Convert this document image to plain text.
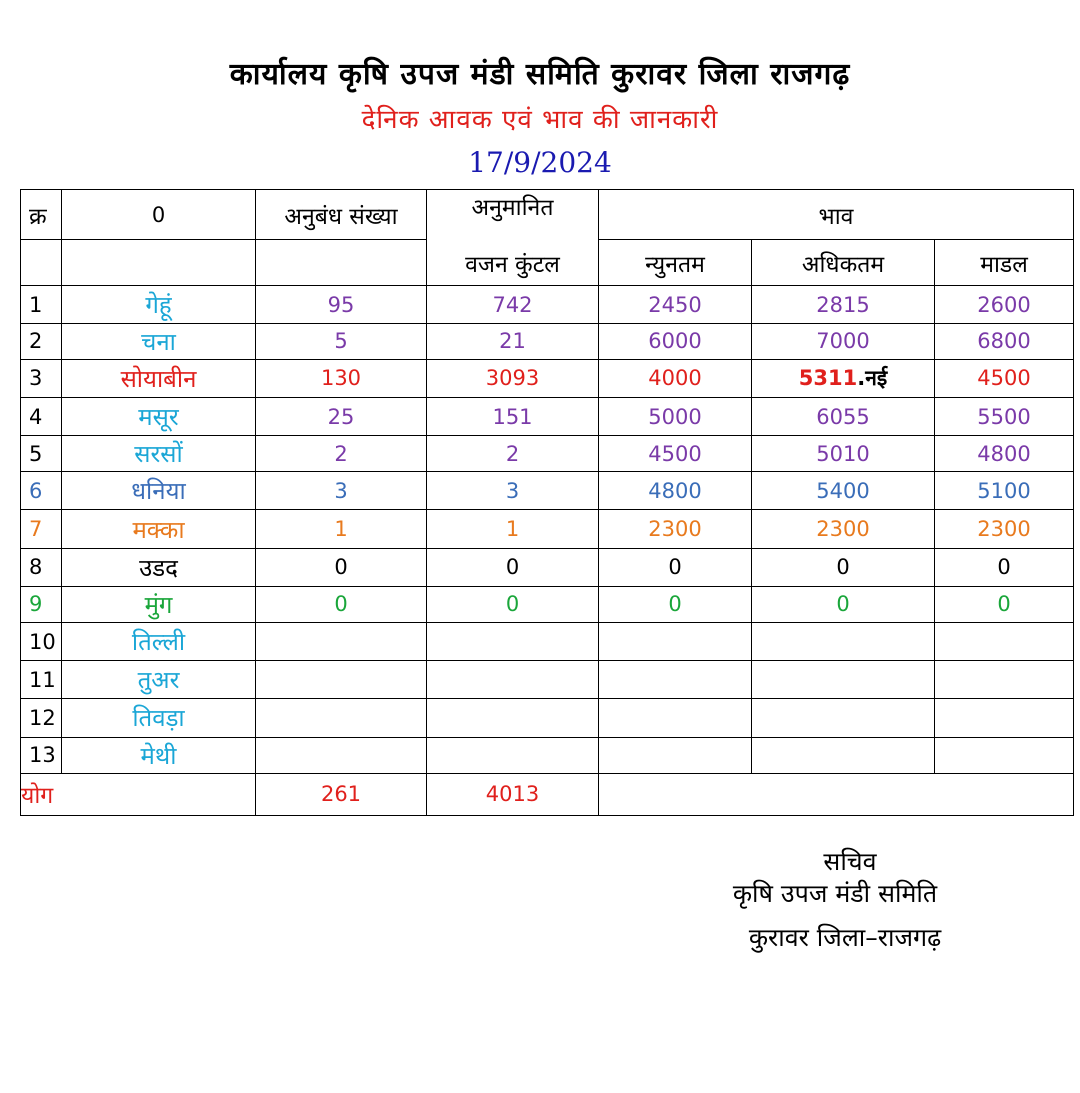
कार्यालय कृषि उपज मंडी समिति कुरावर जिला राजगढ़
देनिक आवक एवं भाव की जानकारी
17/9/2024
क्र	0	अनुबंध संख्या	अनुमानित	भाव		
			वजन कुंटल	न्युनतम	अधिकतम	माडल
1	गेहूं	95	742	2450	2815	2600
2	चना	5	21	6000	7000	6800
3	सोयाबीन	130	3093	4000	5311.नई	4500
4	मसूर	25	151	5000	6055	5500
5	सरसों	2	2	4500	5010	4800
6	धनिया	3	3	4800	5400	5100
7	मक्का	1	1	2300	2300	2300
8	उडद	0	0	0	0	0
9	मुंग	0	0	0	0	0
10	तिल्ली					
11	तुअर					
12	तिवड़ा					
13	मेथी					
योग		261	4013			
सचिव
कृषि उपज मंडी समिति
कुरावर जिला–राजगढ़
